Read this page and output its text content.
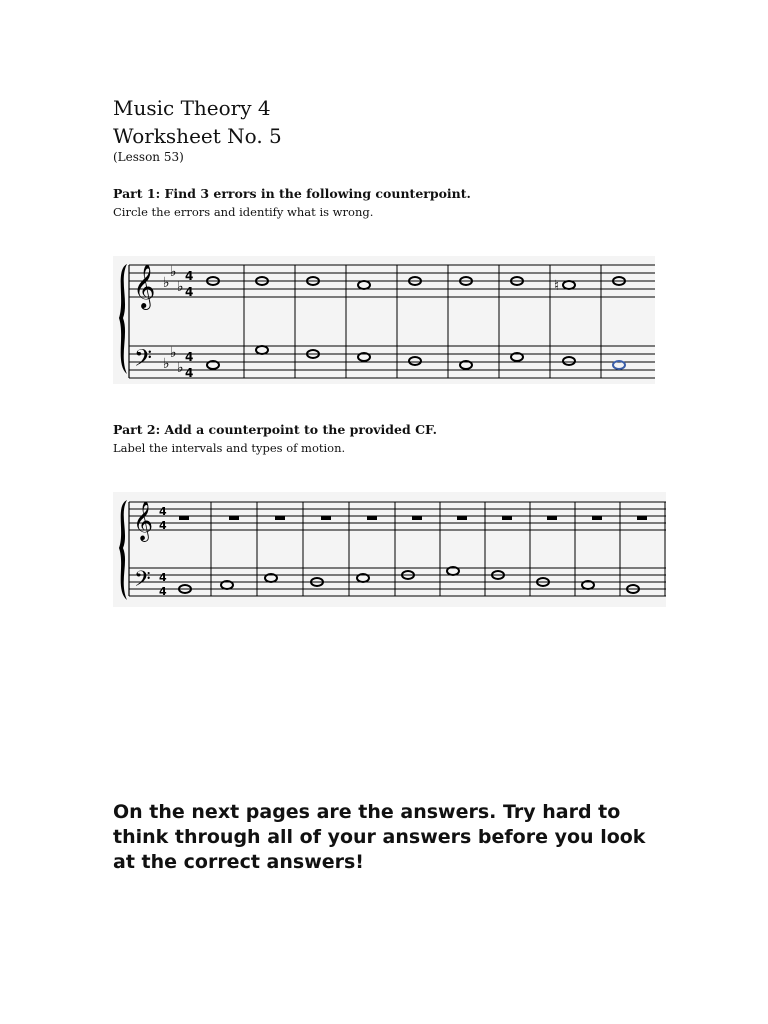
Music Theory 4
Worksheet No. 5
(Lesson 53)
Part 1: Find 3 errors in the following counterpoint.
Circle the errors and identify what is wrong.
𝄞
𝄢
♭
♭
♭
♭
♭
♭
4
4
4
4
♮
Part 2: Add a counterpoint to the provided CF.
Label the intervals and types of motion.
𝄞
𝄢
4
4
4
4

On the next pages are the answers. Try hard to think through all of your answers before you look at the correct answers!
